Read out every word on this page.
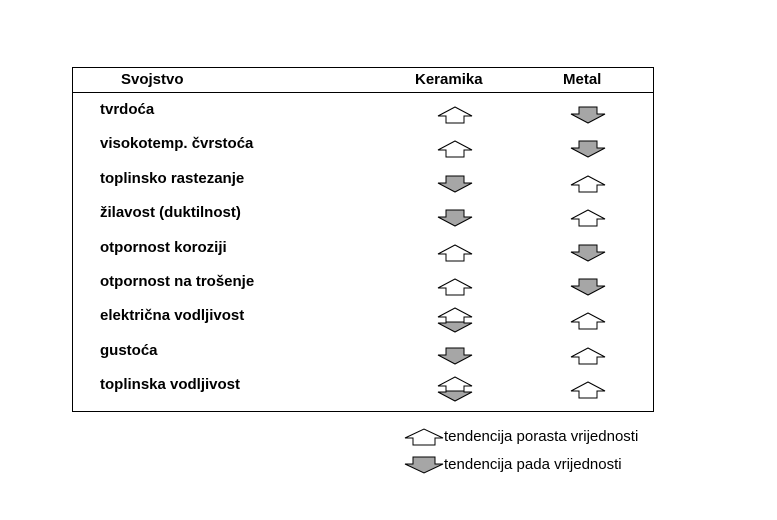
Svojstvo	Keramika	Metal
tvrdoća
visokotemp. čvrstoća
toplinsko rastezanje
žilavost (duktilnost)
otpornost koroziji
otpornost na trošenje
električna vodljivost
gustoća
toplinska vodljivost
tendencija porasta vrijednosti
tendencija pada vrijednosti
